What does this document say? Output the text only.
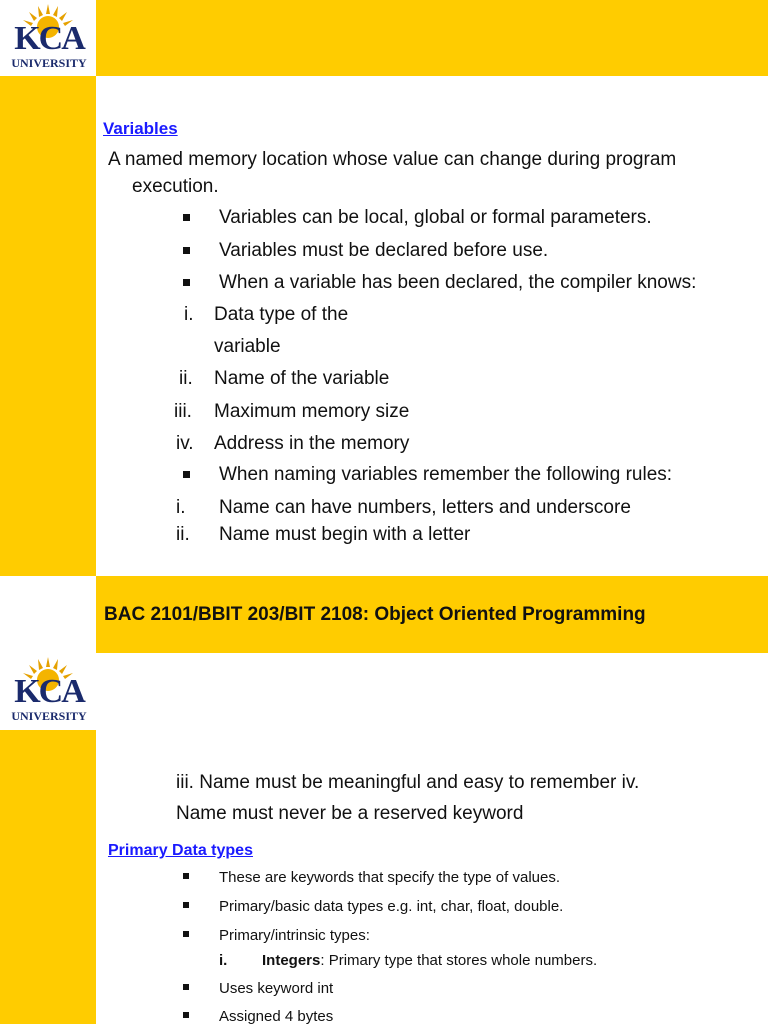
KCA
UNIVERSITY
Variables
A named memory location whose value can change during program
execution.
Variables can be local, global or formal parameters.
Variables must be declared before use.
When a variable has been declared, the compiler knows:
i. Data type of the
variable
ii. Name of the variable
iii. Maximum memory size
iv. Address in the memory
When naming variables remember the following rules:
i. Name can have numbers, letters and underscore
ii. Name must begin with a letter
BAC 2101/BBIT 203/BIT 2108: Object Oriented Programming
KCA
UNIVERSITY
iii. Name must be meaningful and easy to remember iv.
Name must never be a reserved keyword
Primary Data types
These are keywords that specify the type of values.
Primary/basic data types e.g. int, char, float, double.
Primary/intrinsic types:
i. Integers: Primary type that stores whole numbers.
Uses keyword int
Assigned 4 bytes
